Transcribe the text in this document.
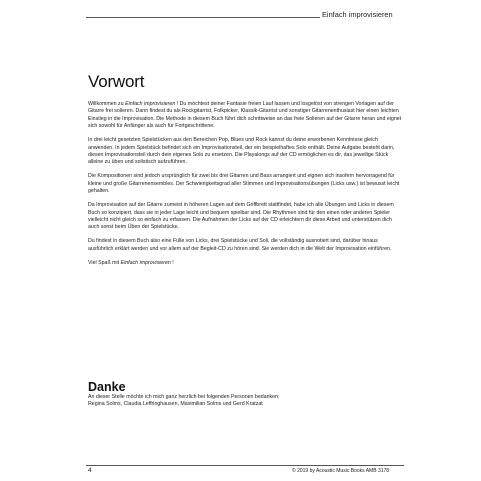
Einfach improvisieren
Vorwort

Willkommen zu Einfach improvisieren ! Du möchtest deiner Fantasie freien Lauf lassen und losgelöst von strengen Vorlagen auf der Gitarre frei solieren. Dann findest du als Rockgitarrist, Folkpicker, Klassik-Gitarrist und sonstiger Gitarrenenthusiast hier einen leichten Einstieg in die Improvisation. Die Methode in diesem Buch führt dich schrittweise an das freie Solieren auf der Gitarre heran und eignet sich sowohl für Anfänger als auch für Fortgeschrittene.

In drei leicht gesetzten Spielstücken aus den Bereichen Pop, Blues und Rock kannst du deine erworbenen Kenntnisse gleich anwenden. In jedem Spielstück befindet sich ein Improvisationsteil, der ein beispielhaftes Solo enthält. Deine Aufgabe besteht darin, diesen Improvisationsteil durch dein eigenes Solo zu ersetzen. Die Playalongs auf der CD ermöglichen es dir, das jeweilige Stück alleine zu üben und solistisch aufzuführen.

Die Kompositionen sind jedoch ursprünglich für zwei bis drei Gitarren und Bass arrangiert und eignen sich insofern hervorragend für kleine und große Gitarrenensembles. Der Schwierigkeitsgrad aller Stimmen und Improvisationsübungen (Licks usw.) ist bewusst leicht gehalten.

Da Improvisation auf der Gitarre zumeist in höheren Lagen auf dem Griffbrett stattfindet, habe ich alle Übungen und Licks in diesem Buch so konzipiert, dass sie in jeder Lage leicht und bequem spielbar sind. Die Rhythmen sind für den einen oder anderen Spieler vielleicht nicht gleich so einfach zu erfassen. Die Aufnahmen der Licks auf der CD erleichtern dir diese Arbeit und unterstützen dich auch sonst beim Üben der Spielstücke.

Du findest in diesem Buch also eine Fülle von Licks, drei Spielstücke und Soli, die vollständig ausnotiert sind, darüber hinaus ausführlich erklärt werden und vor allem auf der Begleit-CD zu hören sind. Sie werden dich in die Welt der Improvisation einführen.

Viel Spaß mit Einfach improvisieren !

Danke
An dieser Stelle möchte ich mich ganz herzlich bei folgenden Personen bedanken:
Regina Solms, Claudia Leffringhausen, Maximilian Solms und Gerd Kratzat
4	© 2019 by Acoustic Music Books AMB 3178
